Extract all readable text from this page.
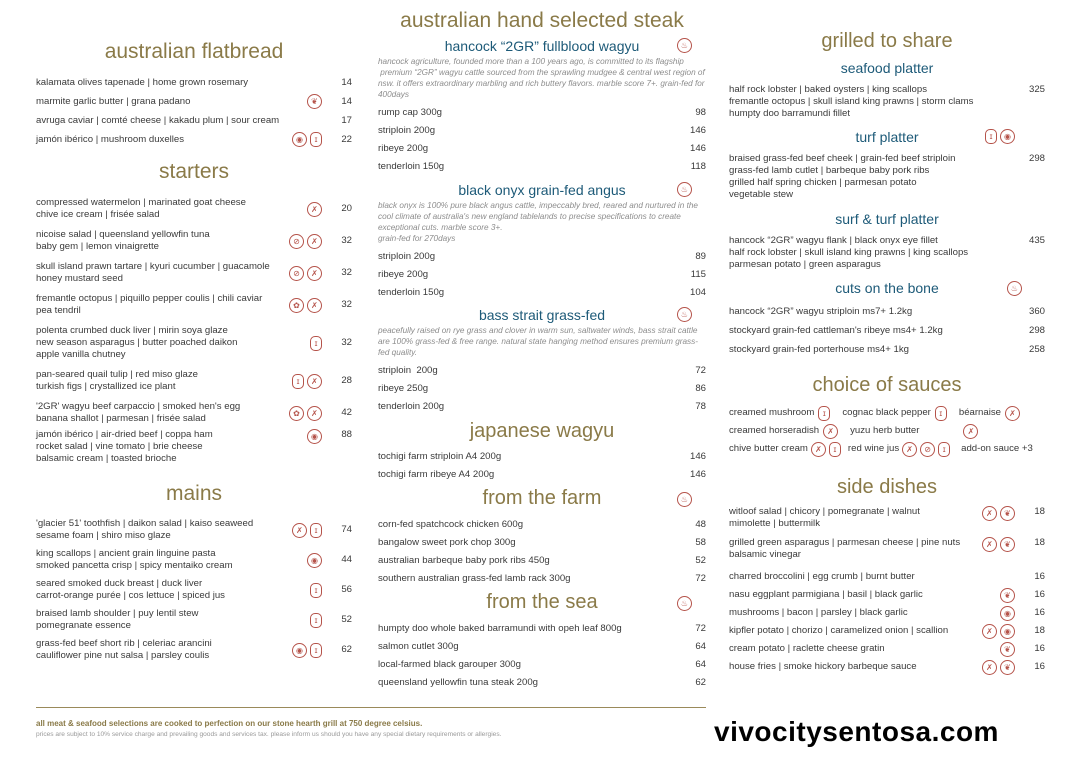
australian flatbread
kalamata olives tapenade | home grown rosemary	14
marmite garlic butter | grana padano	❦	14
avruga caviar | comté cheese | kakadu plum | sour cream	17
jamón ibérico | mushroom duxelles	◉	ɪ	22
starters
compressed watermelon | marinated goat cheese
chive ice cream | frisée salad	✗	20
nicoise salad | queensland yellowfin tuna
baby gem | lemon vinaigrette	⊘	✗	32
skull island prawn tartare | kyuri cucumber | guacamole
honey mustard seed	⊘	✗	32
fremantle octopus | piquillo pepper coulis | chili caviar
pea tendril	✿	✗	32
polenta crumbed duck liver | mirin soya glaze
new season asparagus | butter poached daikon
apple vanilla chutney
ɪ	32
pan-seared quail tulip | red miso glaze
turkish figs | crystallized ice plant	ɪ	✗	28
'2GR' wagyu beef carpaccio | smoked hen's egg
banana shallot | parmesan | frisée salad	✿	✗	42
jamón ibérico | air-dried beef | coppa ham
rocket salad | vine tomato | brie cheese
balsamic cream | toasted brioche
◉	88
mains
'glacier 51' toothfish | daikon salad | kaiso seaweed
sesame foam | shiro miso glaze	✗	ɪ	74
king scallops | ancient grain linguine pasta
smoked pancetta crisp | spicy mentaiko cream	◉	44
seared smoked duck breast | duck liver
carrot-orange purée | cos lettuce | spiced jus	ɪ	56
braised lamb shoulder | puy lentil stew
pomegranate essence	ɪ	52
grass-fed beef short rib | celeriac arancini
cauliflower pine nut salsa | parsley coulis	◉	ɪ	62
australian hand selected steak
hancock “2GR” fullblood wagyu	♨
hancock agriculture, founded more than a 100 years ago, is committed to its flagship  premium “2GR” wagyu cattle sourced from the sprawling mudgee & central west region of nsw. it offers extraordinary marbling and rich buttery flavors. marble score 7+. grain-fed for 400days
rump cap 300g	98
striploin 200g	146
ribeye 200g	146
tenderloin 150g	118
black onyx grain-fed angus	♨
black onyx is 100% pure black angus cattle, impeccably bred, reared and nurtured in the cool climate of australia's new england tablelands to precise specifications to create exceptional cuts. marble score 3+.
grain-fed for 270days
striploin 200g	89
ribeye 200g	115
tenderloin 150g	104
bass strait grass-fed	♨
peacefully raised on rye grass and clover in warm sun, saltwater winds, bass strait cattle are 100% grass-fed & free range. natural state hanging method ensures premium grass-fed quality.
striploin  200g	72
ribeye 250g	86
tenderloin 200g	78
japanese wagyu
tochigi farm striploin A4 200g	146
tochigi farm ribeye A4 200g	146
from the farm	♨
corn-fed spatchcock chicken 600g	48
bangalow sweet pork chop 300g	58
australian barbeque baby pork ribs 450g	52
southern australian grass-fed lamb rack 300g	72
from the sea	♨
humpty doo whole baked barramundi with opeh leaf 800g	72
salmon cutlet 300g	64
local-farmed black garouper 300g	64
queensland yellowfin tuna steak 200g	62
grilled to share
seafood platter
half rock lobster | baked oysters | king scallops
fremantle octopus | skull island king prawns | storm clams
humpty doo barramundi fillet
325
turf platter	ɪ	◉
braised grass-fed beef cheek | grain-fed beef striploin
grass-fed lamb cutlet | barbeque baby pork ribs
grilled half spring chicken | parmesan potato
vegetable stew
298
surf & turf platter
hancock “2GR” wagyu flank | black onyx eye fillet
half rock lobster | skull island king prawns | king scallops
parmesan potato | green asparagus
435
cuts on the bone	♨
hancock “2GR” wagyu striploin ms7+ 1.2kg	360
stockyard grain-fed cattleman's ribeye ms4+ 1.2kg	298
stockyard grain-fed porterhouse ms4+ 1kg	258
choice of sauces
creamed mushroom	ɪ	cognac black pepper	ɪ	béarnaise	✗
creamed horseradish	✗	yuzu herb butter	✗
chive butter cream ✗	ɪ	red wine jus ✗	⊘	ɪ	add-on sauce +3
side dishes
witloof salad | chicory | pomegranate | walnut
mimolette | buttermilk
✗	❦	18
grilled green asparagus | parmesan cheese | pine nuts
balsamic vinegar
✗	❦	18
charred broccolini | egg crumb | burnt butter	16
nasu eggplant parmigiana | basil | black garlic	❦	16
mushrooms | bacon | parsley | black garlic	◉	16
kipfler potato | chorizo | caramelized onion | scallion	✗	◉	18
cream potato | raclette cheese gratin	❦	16
house fries | smoke hickory barbeque sauce	✗	❦	16
all meat & seafood selections are cooked to perfection on our stone hearth grill at 750 degree celsius.
prices are subject to 10% service charge and prevailing goods and services tax. please inform us should you have any special dietary requirements or allergies.	vivocitysentosa.com
